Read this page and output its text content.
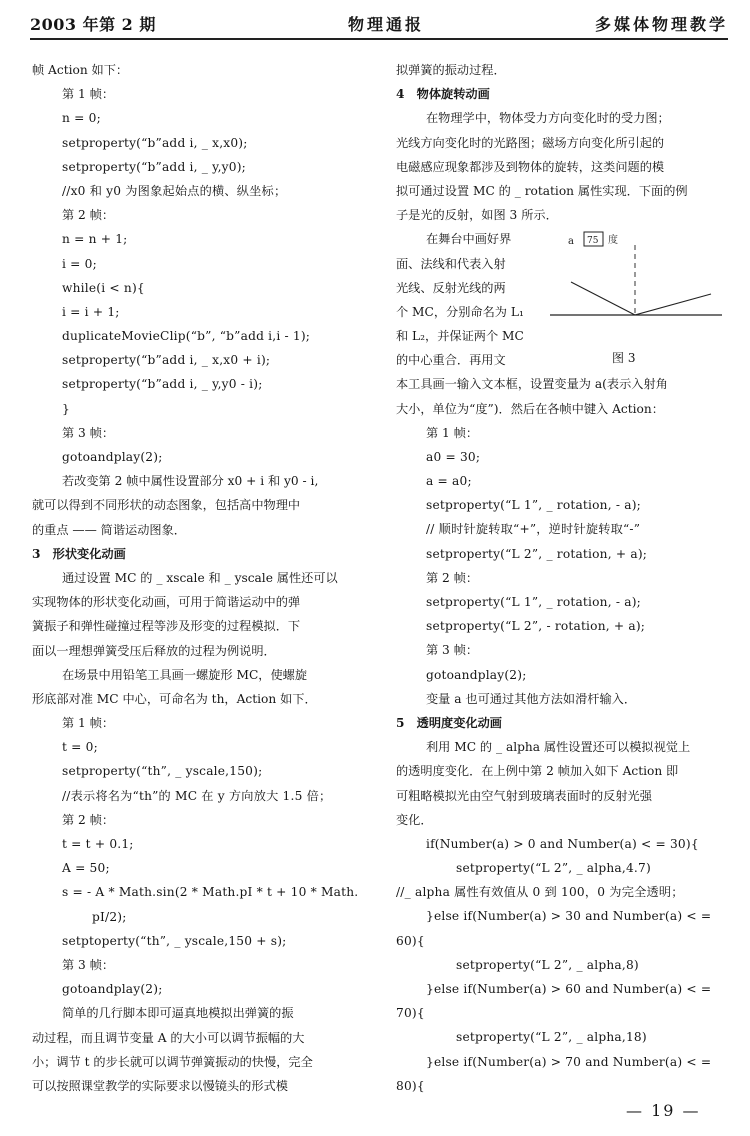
2003 年第 2 期	物理通报	多媒体物理教学
帧 Action 如下：
第 1 帧：
n = 0;
setproperty(“b”add i, _ x,x0);
setproperty(“b”add i, _ y,y0);
//x0 和 y0 为图象起始点的横、纵坐标；
第 2 帧：
n = n + 1;
i = 0;
while(i < n){
i = i + 1;
duplicateMovieClip(“b”, “b”add i,i - 1);
setproperty(“b”add i, _ x,x0 + i);
setproperty(“b”add i, _ y,y0 - i);
}
第 3 帧：
gotoandplay(2);
若改变第 2 帧中属性设置部分 x0 + i 和 y0 - i,
就可以得到不同形状的动态图象，包括高中物理中
的重点 —— 简谐运动图象．
3　形状变化动画
通过设置 MC 的 _ xscale 和 _ yscale 属性还可以
实现物体的形状变化动画，可用于简谐运动中的弹
簧振子和弹性碰撞过程等涉及形变的过程模拟．下
面以一理想弹簧受压后释放的过程为例说明．
在场景中用铅笔工具画一螺旋形 MC，使螺旋
形底部对准 MC 中心，可命名为 th，Action 如下．
第 1 帧：
t = 0;
setproperty(“th”, _ yscale,150);
//表示将名为“th”的 MC 在 y 方向放大 1.5 倍；
第 2 帧：
t = t + 0.1;
A = 50;
s = - A * Math.sin(2 * Math.pI * t + 10 * Math.
pI/2);
setptoperty(“th”, _ yscale,150 + s);
第 3 帧：
gotoandplay(2);
简单的几行脚本即可逼真地模拟出弹簧的振
动过程，而且调节变量 A 的大小可以调节振幅的大
小；调节 t 的步长就可以调节弹簧振动的快慢，完全
可以按照课堂教学的实际要求以慢镜头的形式模
拟弹簧的振动过程．
4　物体旋转动画
在物理学中，物体受力方向变化时的受力图；
光线方向变化时的光路图；磁场方向变化所引起的
电磁感应现象都涉及到物体的旋转，这类问题的模
拟可通过设置 MC 的 _ rotation 属性实现．下面的例
子是光的反射，如图 3 所示．
在舞台中画好界
面、法线和代表入射
光线、反射光线的两
个 MC，分别命名为 L₁
和 L₂，并保证两个 MC
的中心重合．再用文
a 75 度
图 3
本工具画一输入文本框，设置变量为 a(表示入射角
大小，单位为“度”)．然后在各帧中键入 Action：
第 1 帧：
a0 = 30;
a = a0;
setproperty(“L 1”, _ rotation, - a);
// 顺时针旋转取“+”，逆时针旋转取“-”
setproperty(“L 2”, _ rotation, + a);
第 2 帧：
setproperty(“L 1”, _ rotation, - a);
setproperty(“L 2”, - rotation, + a);
第 3 帧：
gotoandplay(2);
变量 a 也可通过其他方法如滑杆输入．
5　透明度变化动画
利用 MC 的 _ alpha 属性设置还可以模拟视觉上
的透明度变化．在上例中第 2 帧加入如下 Action 即
可粗略模拟光由空气射到玻璃表面时的反射光强
变化．
if(Number(a) > 0 and Number(a) < = 30){
setproperty(“L 2”, _ alpha,4.7)
//_ alpha 属性有效值从 0 到 100，0 为完全透明；
}else if(Number(a) > 30 and Number(a) < =
60){
setproperty(“L 2”, _ alpha,8)
}else if(Number(a) > 60 and Number(a) < =
70){
setproperty(“L 2”, _ alpha,18)
}else if(Number(a) > 70 and Number(a) < =
80){
— 19 —
